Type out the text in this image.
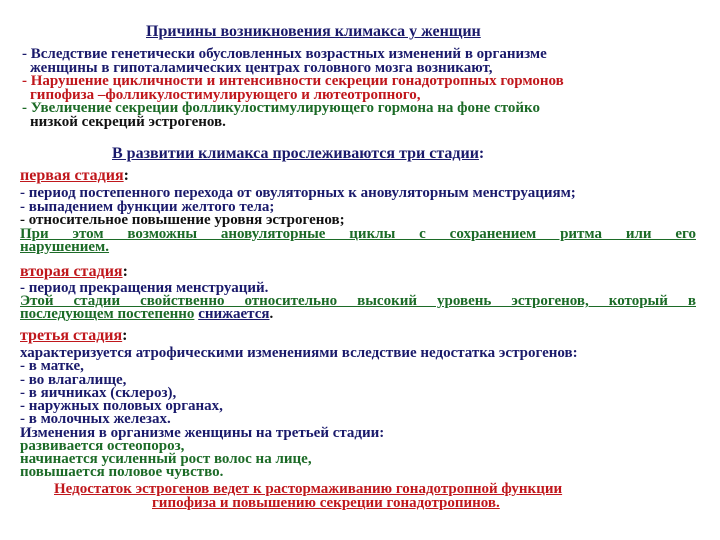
Причины возникновения климакса у женщин
- Вследствие генетически обусловленных возрастных изменений в организме
женщины в гипоталамических центрах головного мозга возникают,
- Нарушение цикличности и интенсивности секреции гонадотропных гормонов
гипофиза –фолликулостимулирующего и лютеотропного,
- Увеличение секреции фолликулостимулирующего гормона на фоне стойко
низкой секреций эстрогенов.
В развитии климакса прослеживаются три стадии:
первая стадия:
- период постепенного перехода от овуляторных к ановуляторным менструациям;
- выпадением функции желтого тела;
- относительное повышение уровня эстрогенов;
При этом возможны ановуляторные циклы с сохранением ритма или его
нарушением.
вторая стадия:
- период прекращения менструаций.
Этой стадии свойственно относительно высокий уровень эстрогенов, который в
последующем постепенно снижается.
третья стадия:
характеризуется атрофическими изменениями вследствие недостатка эстрогенов:
- в матке,
- во влагалище,
- в яичниках (склероз),
- наружных половых органах,
- в молочных железах.
Изменения в организме женщины на третьей стадии:
развивается остеопороз,
начинается усиленный рост волос на лице,
повышается половое чувство.
Недостаток эстрогенов ведет к растормаживанию гонадотропной функции
гипофиза и повышению секреции гонадотропинов.
